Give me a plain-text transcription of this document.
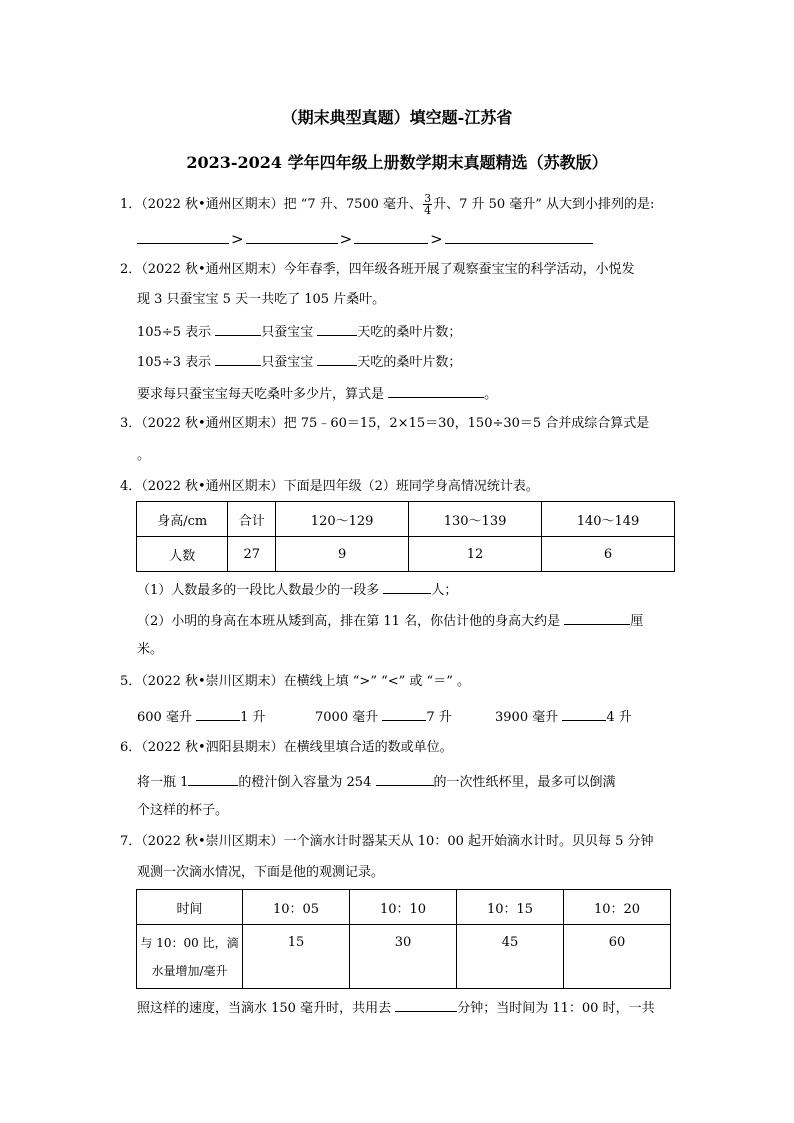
（期末典型真题）填空题-江苏省
2023-2024 学年四年级上册数学期末真题精选（苏教版）
1．（2022 秋•通州区期末）把 “7 升、7500 毫升、 $\frac{3}{4}$ 升、7 升 50 毫升” 从大到小排列的是:
>	>	>
2．（2022 秋•通州区期末）今年春季，四年级各班开展了观察蚕宝宝的科学活动，小悦发
现 3 只蚕宝宝 5 天一共吃了 105 片桑叶。
105÷5 表示	只蚕宝宝	天吃的桑叶片数；
105÷3 表示	只蚕宝宝	天吃的桑叶片数；
要求每只蚕宝宝每天吃桑叶多少片，算式是	。
3．（2022 秋•通州区期末）把 75﹣60＝15，2×15＝30，150÷30＝5 合并成综合算式是
。
4．（2022 秋•通州区期末）下面是四年级（2）班同学身高情况统计表。
身高/cm	合计	120～129	130～139	140～149
人数	27	9	12	6
（1）人数最多的一段比人数最少的一段多	人；
（2）小明的身高在本班从矮到高，排在第 11 名，你估计他的身高大约是	厘
米。
5．（2022 秋•崇川区期末）在横线上填 “>” “<” 或 “＝” 。
600 毫升	1 升	7000 毫升	7 升	3900 毫升	4 升
6．（2022 秋•泗阳县期末）在横线里填合适的数或单位。
将一瓶 1	的橙汁倒入容量为 254	的一次性纸杯里，最多可以倒满
个这样的杯子。
7．（2022 秋•崇川区期末）一个滴水计时器某天从 10：00 起开始滴水计时。贝贝每 5 分钟
观测一次滴水情况，下面是他的观测记录。
时间	10：05	10：10	10：15	10：20

与 10：00 比，滴
水量增加/毫升	15	30	45	60
照这样的速度，当滴水 150 毫升时，共用去	分钟；当时间为 11：00 时，一共
